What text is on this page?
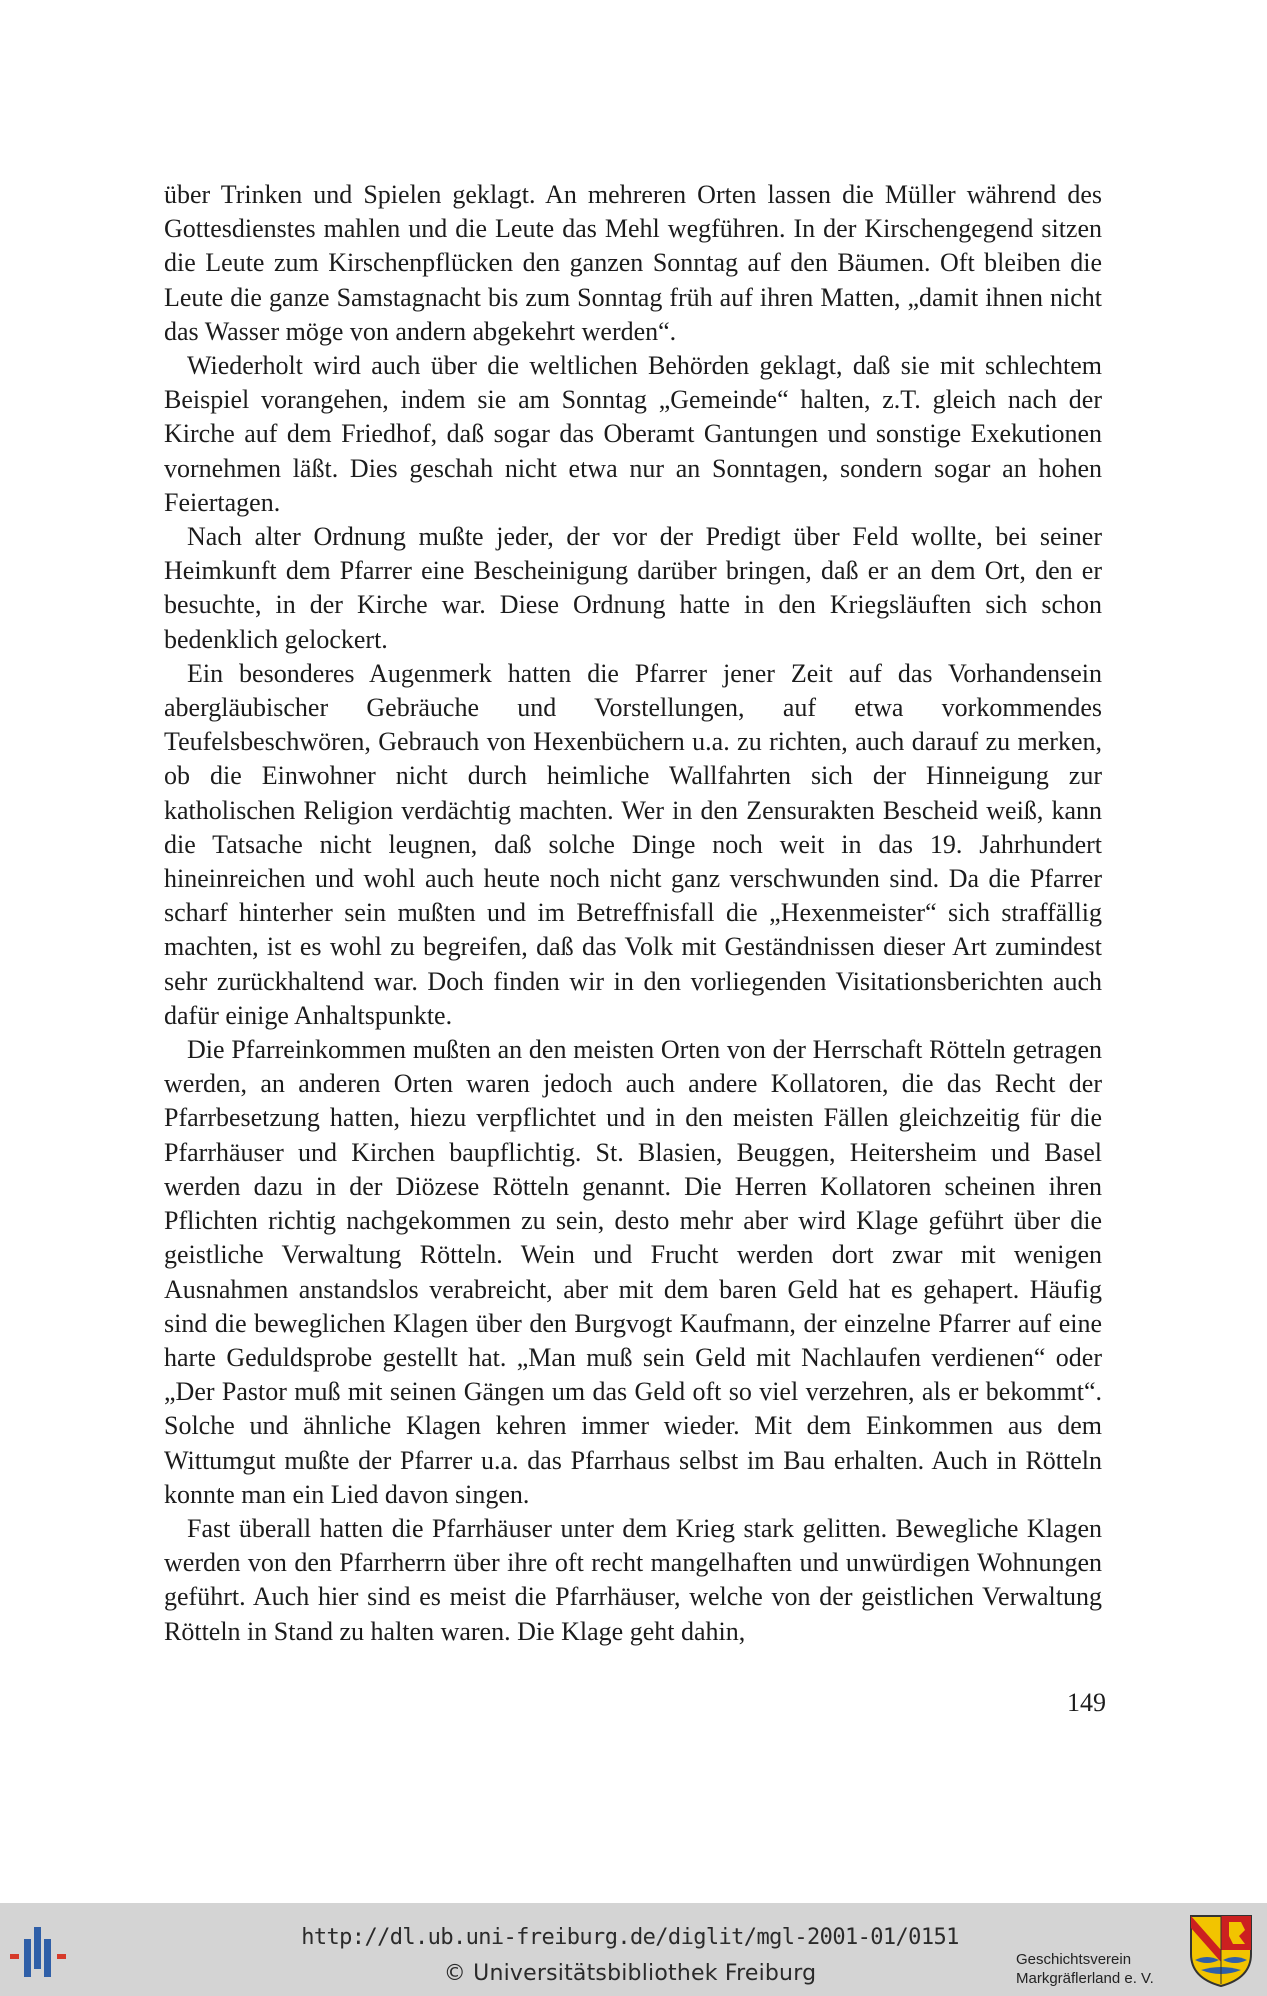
über Trinken und Spielen geklagt. An mehreren Orten lassen die Müller während des Gottesdienstes mahlen und die Leute das Mehl wegführen. In der Kirschengegend sitzen die Leute zum Kirschenpflücken den ganzen Sonntag auf den Bäumen. Oft bleiben die Leute die ganze Samstagnacht bis zum Sonntag früh auf ihren Matten, „damit ihnen nicht das Wasser möge von andern abgekehrt werden“.

Wiederholt wird auch über die weltlichen Behörden geklagt, daß sie mit schlechtem Beispiel vorangehen, indem sie am Sonntag „Gemeinde“ halten, z.T. gleich nach der Kirche auf dem Friedhof, daß sogar das Oberamt Gantungen und sonstige Exekutionen vornehmen läßt. Dies geschah nicht etwa nur an Sonntagen, sondern sogar an hohen Feiertagen.

Nach alter Ordnung mußte jeder, der vor der Predigt über Feld wollte, bei seiner Heimkunft dem Pfarrer eine Bescheinigung darüber bringen, daß er an dem Ort, den er besuchte, in der Kirche war. Diese Ordnung hatte in den Kriegsläuften sich schon bedenklich gelockert.

Ein besonderes Augenmerk hatten die Pfarrer jener Zeit auf das Vorhandensein abergläubischer Gebräuche und Vorstellungen, auf etwa vorkommendes Teufelsbeschwören, Gebrauch von Hexenbüchern u.a. zu richten, auch darauf zu merken, ob die Einwohner nicht durch heimliche Wallfahrten sich der Hinneigung zur katholischen Religion verdächtig machten. Wer in den Zensurakten Bescheid weiß, kann die Tatsache nicht leugnen, daß solche Dinge noch weit in das 19. Jahrhundert hineinreichen und wohl auch heute noch nicht ganz verschwunden sind. Da die Pfarrer scharf hinterher sein mußten und im Betreffnisfall die „Hexenmeister“ sich straffällig machten, ist es wohl zu begreifen, daß das Volk mit Geständnissen dieser Art zumindest sehr zurückhaltend war. Doch finden wir in den vorliegenden Visitationsberichten auch dafür einige Anhaltspunkte.

Die Pfarreinkommen mußten an den meisten Orten von der Herrschaft Rötteln getragen werden, an anderen Orten waren jedoch auch andere Kollatoren, die das Recht der Pfarrbesetzung hatten, hiezu verpflichtet und in den meisten Fällen gleichzeitig für die Pfarrhäuser und Kirchen baupflichtig. St. Blasien, Beuggen, Heitersheim und Basel werden dazu in der Diözese Rötteln genannt. Die Herren Kollatoren scheinen ihren Pflichten richtig nachgekommen zu sein, desto mehr aber wird Klage geführt über die geistliche Verwaltung Rötteln. Wein und Frucht werden dort zwar mit wenigen Ausnahmen anstandslos verabreicht, aber mit dem baren Geld hat es gehapert. Häufig sind die beweglichen Klagen über den Burgvogt Kaufmann, der einzelne Pfarrer auf eine harte Geduldsprobe gestellt hat. „Man muß sein Geld mit Nachlaufen verdienen“ oder „Der Pastor muß mit seinen Gängen um das Geld oft so viel verzehren, als er bekommt“. Solche und ähnliche Klagen kehren immer wieder. Mit dem Einkommen aus dem Wittumgut mußte der Pfarrer u.a. das Pfarrhaus selbst im Bau erhalten. Auch in Rötteln konnte man ein Lied davon singen.

Fast überall hatten die Pfarrhäuser unter dem Krieg stark gelitten. Bewegliche Klagen werden von den Pfarrherrn über ihre oft recht mangelhaften und unwürdigen Wohnungen geführt. Auch hier sind es meist die Pfarrhäuser, welche von der geistlichen Verwaltung Rötteln in Stand zu halten waren. Die Klage geht dahin,

149
http://dl.ub.uni-freiburg.de/diglit/mgl-2001-01/0151
© Universitätsbibliothek Freiburg
Geschichtsverein
Markgräflerland e. V.
